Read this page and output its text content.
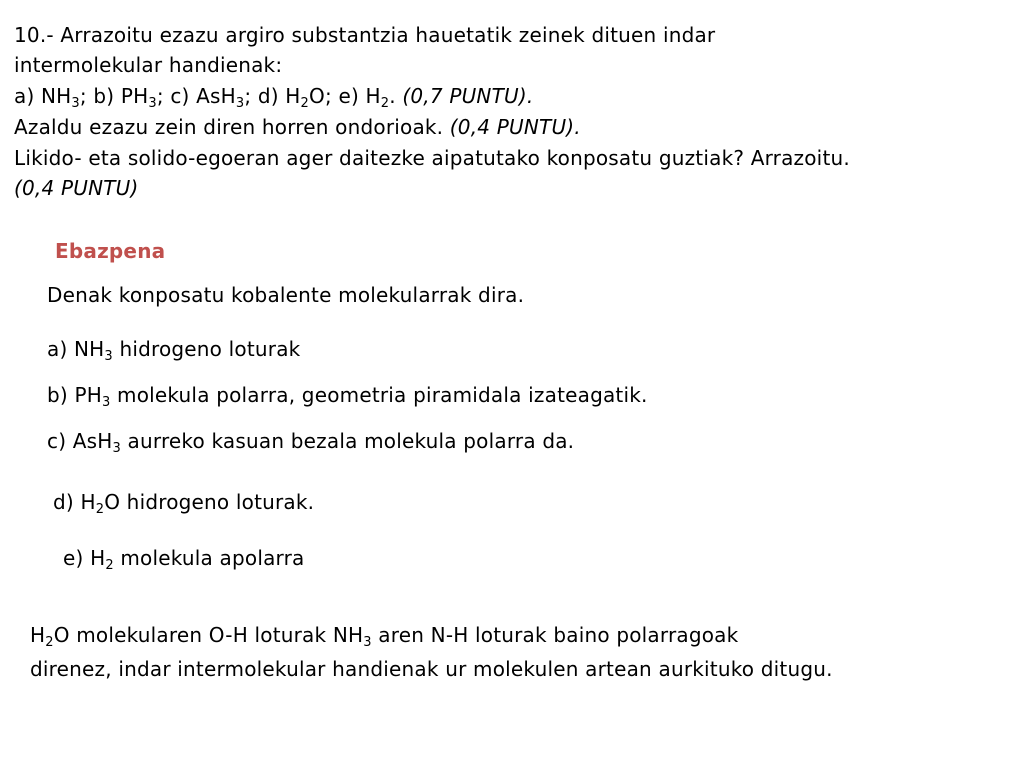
10.- Arrazoitu ezazu argiro substantzia hauetatik zeinek dituen indar
intermolekular handienak:
a) $NH_3$; b) $PH_3$; c) AsH$_3$; d) $H_2O$; e) $H_2$. (0,7 PUNTU).
Azaldu ezazu zein diren horren ondorioak. (0,4 PUNTU).
Likido- eta solido-egoeran ager daitezke aipatutako konposatu guztiak? Arrazoitu.
(0,4 PUNTU)
Ebazpena
Denak konposatu kobalente molekularrak dira.
a) $NH_3$ hidrogeno loturak
b) $PH_3$ molekula polarra, geometria piramidala izateagatik.
c) AsH$_3$ aurreko kasuan bezala molekula polarra da.
d) $H_2O$ hidrogeno loturak.
e) $H_2$ molekula apolarra
$H_2O$ molekularen O-H loturak $NH_3$ aren N-H loturak baino polarragoak
direnez, indar intermolekular handienak ur molekulen artean aurkituko ditugu.
